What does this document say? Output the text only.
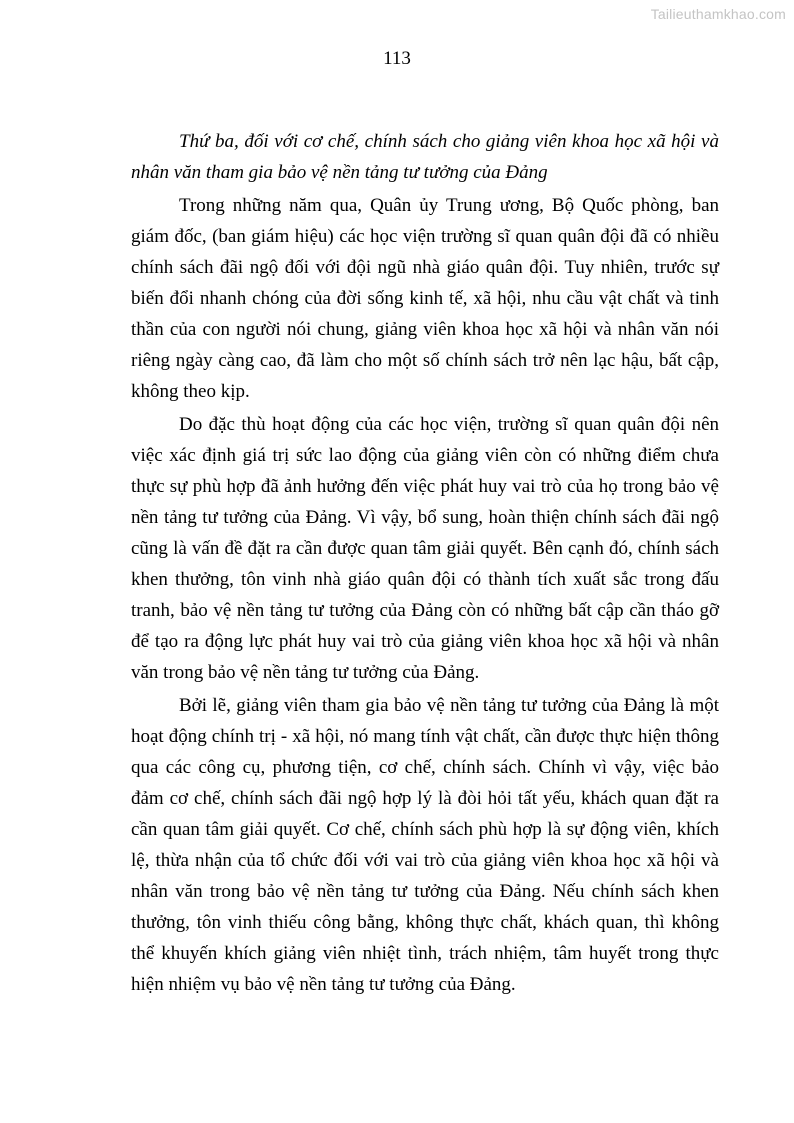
Tailieuthamkhao.com
113

Thứ ba, đối với cơ chế, chính sách cho giảng viên khoa học xã hội và nhân văn tham gia bảo vệ nền tảng tư tưởng của Đảng

Trong những năm qua, Quân ủy Trung ương, Bộ Quốc phòng, ban giám đốc, (ban giám hiệu) các học viện trường sĩ quan quân đội đã có nhiều chính sách đãi ngộ đối với đội ngũ nhà giáo quân đội. Tuy nhiên, trước sự biến đổi nhanh chóng của đời sống kinh tế, xã hội, nhu cầu vật chất và tinh thần của con người nói chung, giảng viên khoa học xã hội và nhân văn nói riêng ngày càng cao, đã làm cho một số chính sách trở nên lạc hậu, bất cập, không theo kịp.

Do đặc thù hoạt động của các học viện, trường sĩ quan quân đội nên việc xác định giá trị sức lao động của giảng viên còn có những điểm chưa thực sự phù hợp đã ảnh hưởng đến việc phát huy vai trò của họ trong bảo vệ nền tảng tư tưởng của Đảng. Vì vậy, bổ sung, hoàn thiện chính sách đãi ngộ cũng là vấn đề đặt ra cần được quan tâm giải quyết. Bên cạnh đó, chính sách khen thưởng, tôn vinh nhà giáo quân đội có thành tích xuất sắc trong đấu tranh, bảo vệ nền tảng tư tưởng của Đảng còn có những bất cập cần tháo gỡ để tạo ra động lực phát huy vai trò của giảng viên khoa học xã hội và nhân văn trong bảo vệ nền tảng tư tưởng của Đảng.

Bởi lẽ, giảng viên tham gia bảo vệ nền tảng tư tưởng của Đảng là một hoạt động chính trị - xã hội, nó mang tính vật chất, cần được thực hiện thông qua các công cụ, phương tiện, cơ chế, chính sách. Chính vì vậy, việc bảo đảm cơ chế, chính sách đãi ngộ hợp lý là đòi hỏi tất yếu, khách quan đặt ra cần quan tâm giải quyết. Cơ chế, chính sách phù hợp là sự động viên, khích lệ, thừa nhận của tổ chức đối với vai trò của giảng viên khoa học xã hội và nhân văn trong bảo vệ nền tảng tư tưởng của Đảng. Nếu chính sách khen thưởng, tôn vinh thiếu công bằng, không thực chất, khách quan, thì không thể khuyến khích giảng viên nhiệt tình, trách nhiệm, tâm huyết trong thực hiện nhiệm vụ bảo vệ nền tảng tư tưởng của Đảng.
